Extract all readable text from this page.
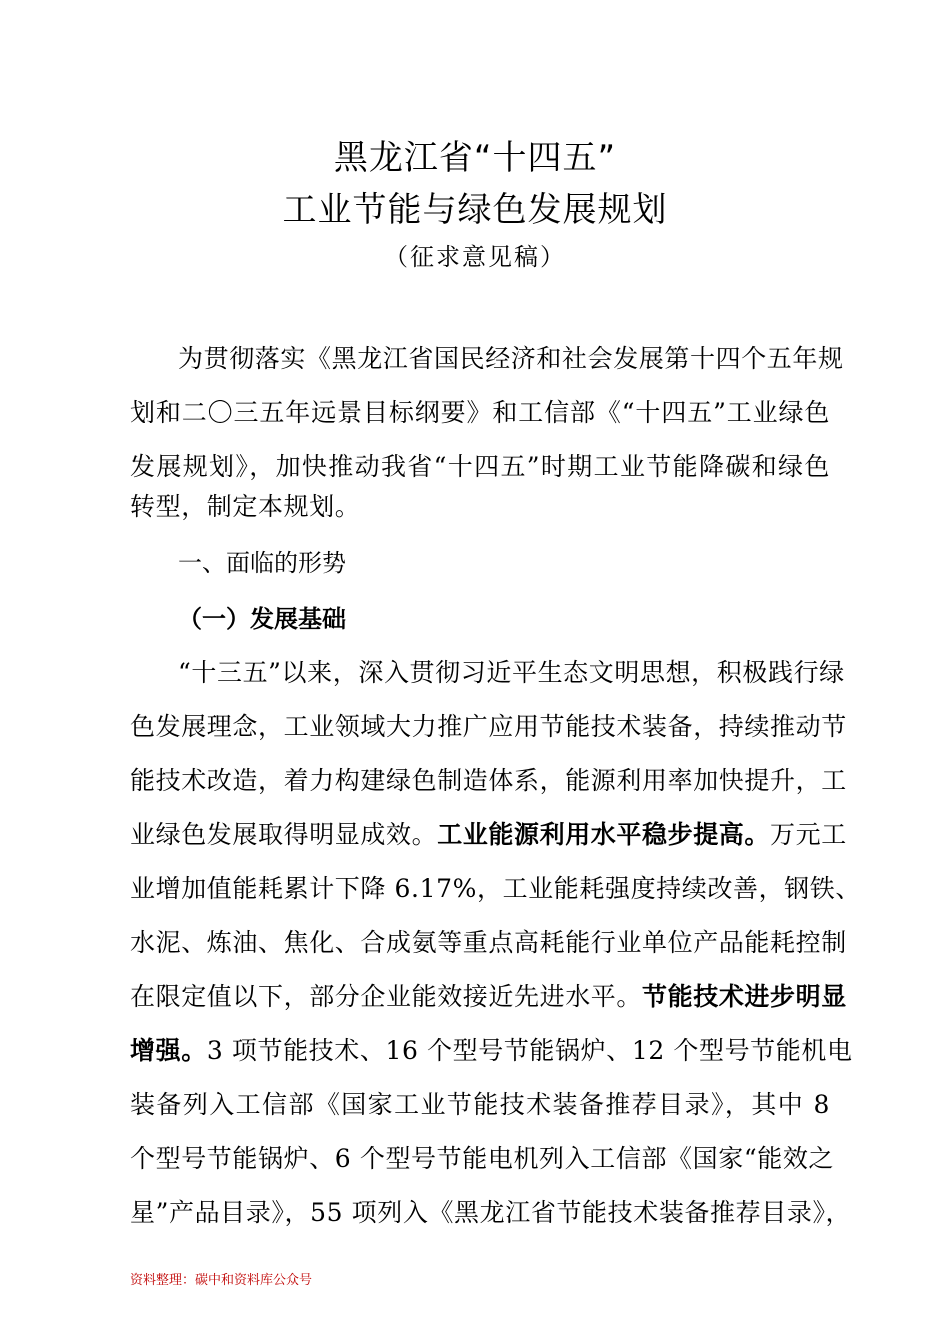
黑龙江省“十四五”
工业节能与绿色发展规划
（征求意见稿）
为贯彻落实《黑龙江省国民经济和社会发展第十四个五年规
划和二〇三五年远景目标纲要》和工信部《“十四五”工业绿色
发展规划》，加快推动我省“十四五”时期工业节能降碳和绿色
转型，制定本规划。
一、面临的形势
（一）发展基础
“十三五”以来，深入贯彻习近平生态文明思想，积极践行绿
色发展理念，工业领域大力推广应用节能技术装备，持续推动节
能技术改造，着力构建绿色制造体系，能源利用率加快提升，工
业绿色发展取得明显成效。工业能源利用水平稳步提高。万元工
业增加值能耗累计下降 6.17%，工业能耗强度持续改善，钢铁、
水泥、炼油、焦化、合成氨等重点高耗能行业单位产品能耗控制
在限定值以下，部分企业能效接近先进水平。节能技术进步明显
增强。3 项节能技术、16 个型号节能锅炉、12 个型号节能机电
装备列入工信部《国家工业节能技术装备推荐目录》，其中 8
个型号节能锅炉、6 个型号节能电机列入工信部《国家“能效之
星”产品目录》，55 项列入《黑龙江省节能技术装备推荐目录》，
资料整理：碳中和资料库公众号
